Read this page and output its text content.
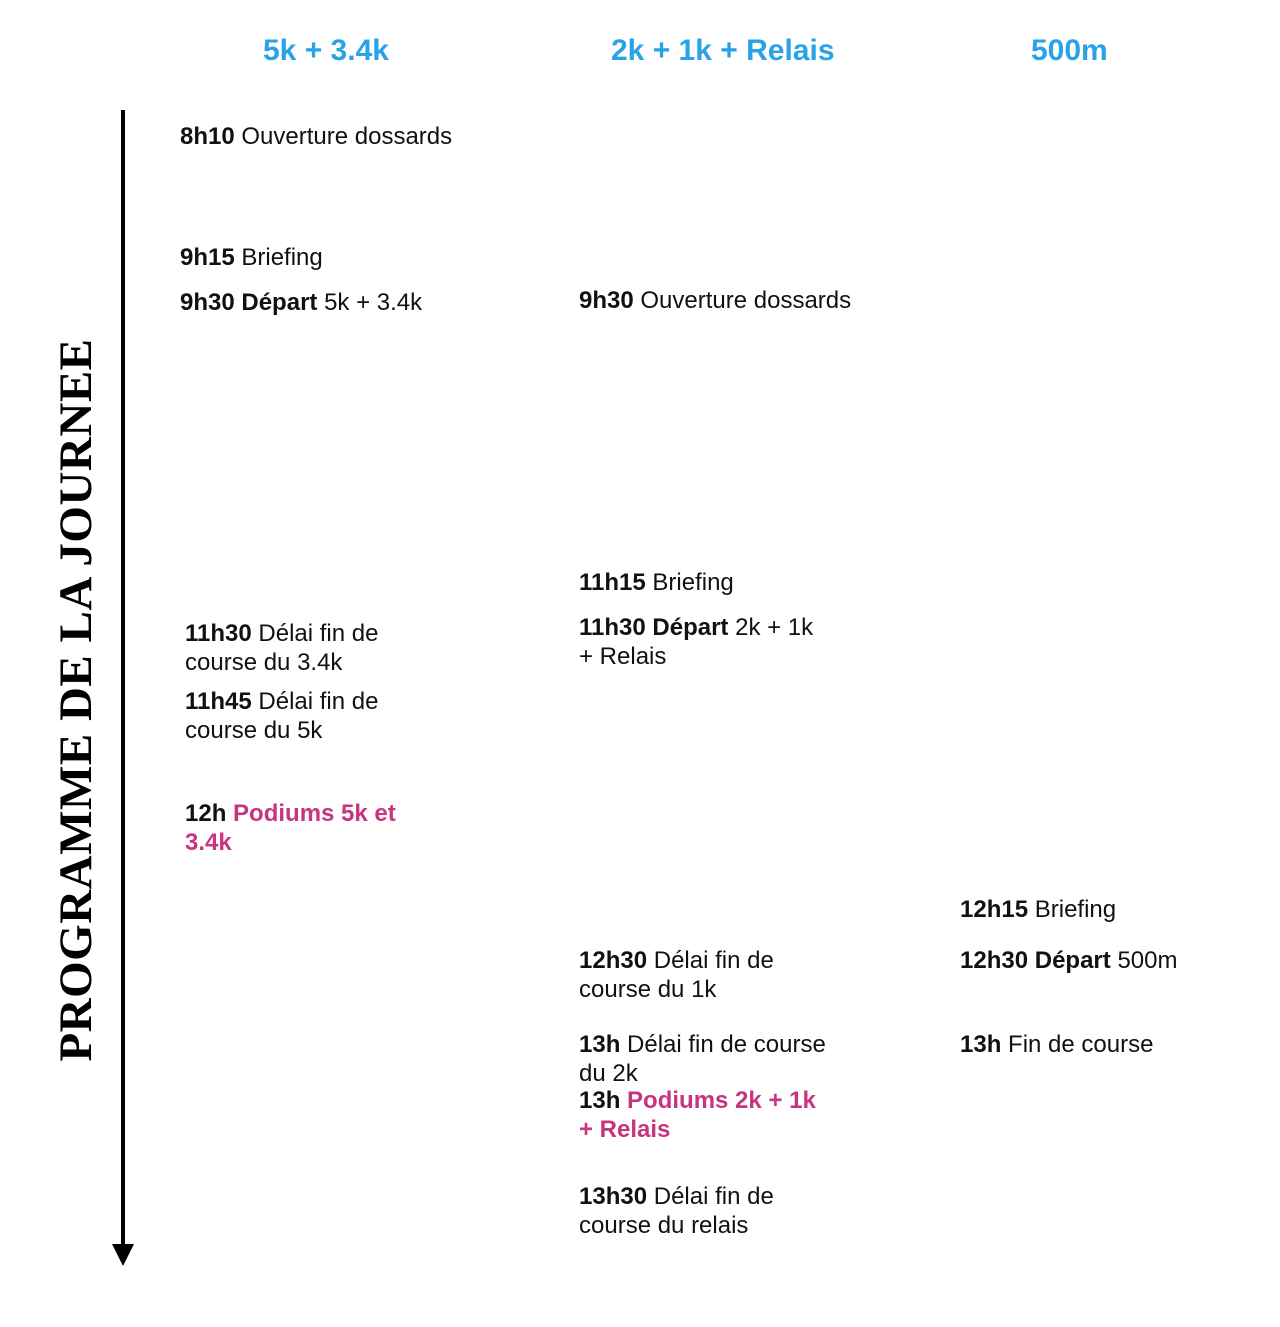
5k + 3.4k	2k + 1k + Relais	500m
PROGRAMME DE LA JOURNEE
8h10 Ouverture dossards
9h15 Briefing
9h30 Départ 5k + 3.4k
11h30 Délai fin de course du 3.4k
11h45 Délai fin de course du 5k
12h Podiums 5k et 3.4k
9h30 Ouverture dossards
11h15 Briefing
11h30 Départ 2k + 1k + Relais
12h30 Délai fin de course du 1k
13h Délai fin de course du 2k
13h Podiums 2k + 1k + Relais
13h30 Délai fin de course du relais
12h15 Briefing
12h30 Départ 500m
13h Fin de course
